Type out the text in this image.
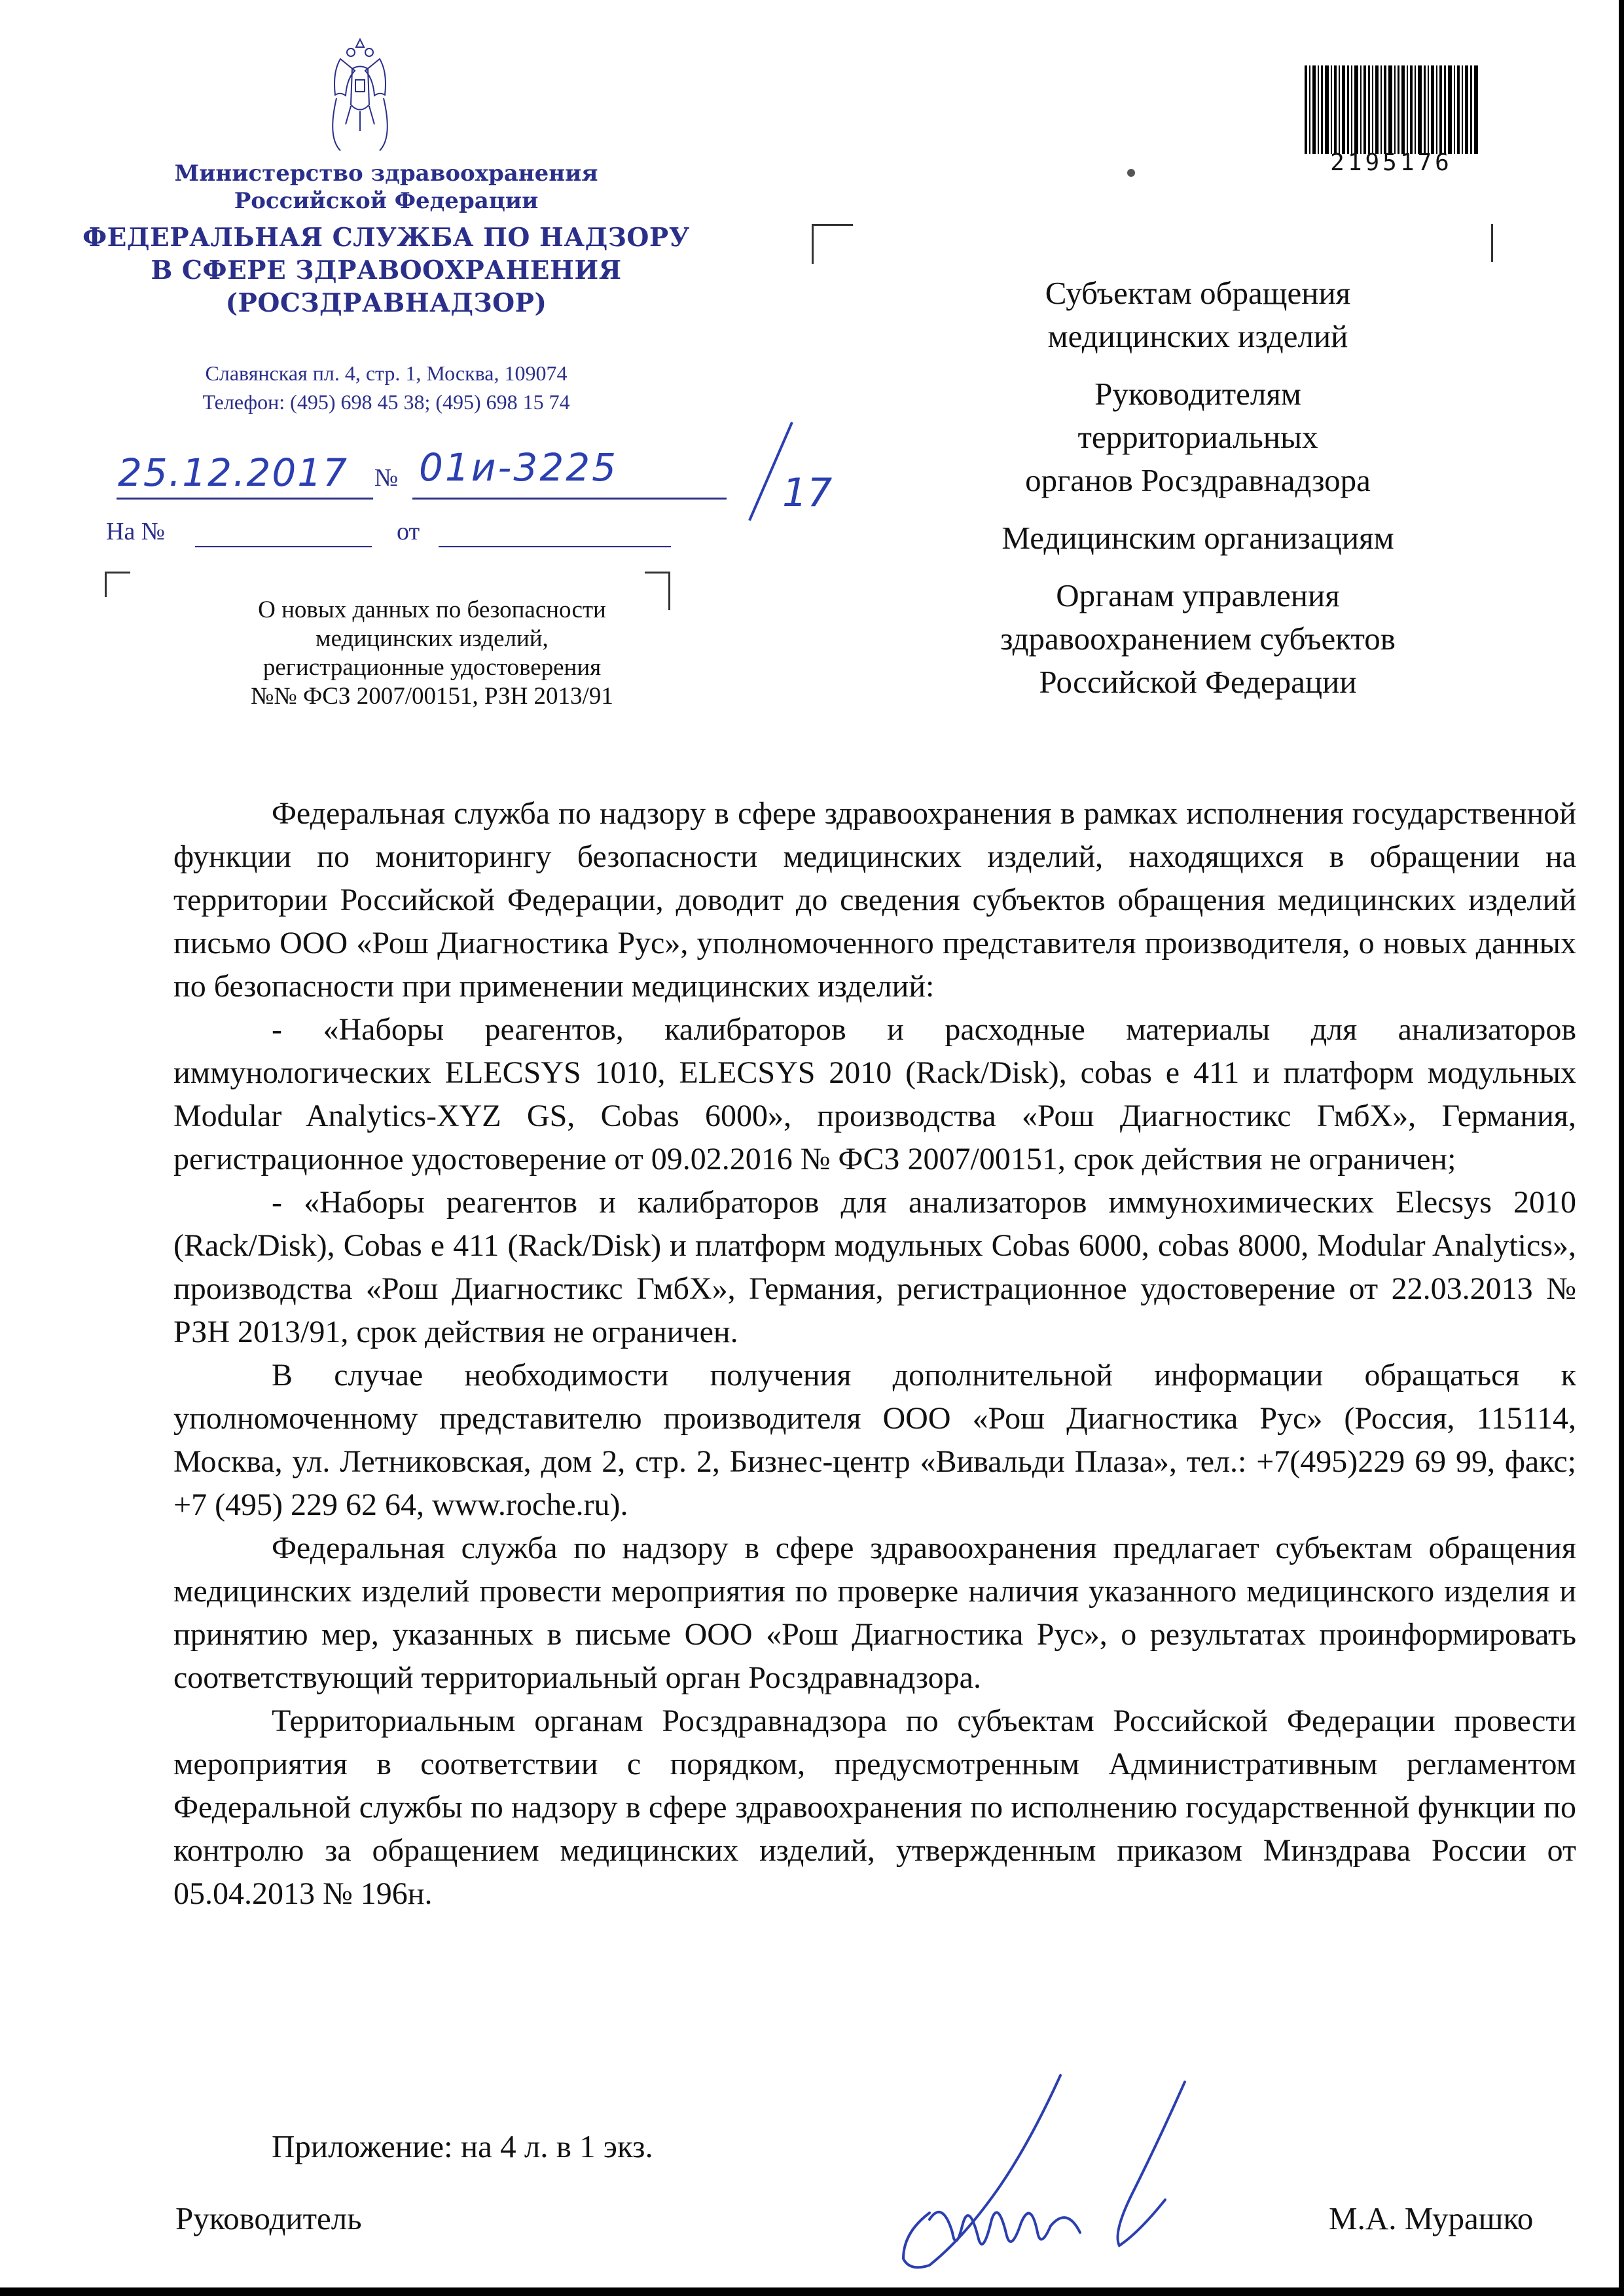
Министерство здравоохранения
Российской Федерации
ФЕДЕРАЛЬНАЯ СЛУЖБА ПО НАДЗОРУ
В СФЕРЕ ЗДРАВООХРАНЕНИЯ
(РОСЗДРАВНАДЗОР)
Славянская пл. 4, стр. 1, Москва, 109074
Телефон: (495) 698 45 38; (495) 698 15 74
25.12.2017 № 01и-3225
17
На №	от
О новых данных по безопасности
медицинских изделий,
регистрационные удостоверения
№№ ФСЗ 2007/00151, РЗН 2013/91
2195176
Субъектам обращения
медицинских изделий
Руководителям
территориальных
органов Росздравнадзора
Медицинским организациям
Органам управления
здравоохранением субъектов
Российской Федерации

Федеральная служба по надзору в сфере здравоохранения в рамках исполнения государственной функции по мониторингу безопасности медицинских изделий, находящихся в обращении на территории Российской Федерации, доводит до сведения субъектов обращения медицинских изделий письмо ООО «Рош Диагностика Рус», уполномоченного представителя производителя, о новых данных по безопасности при применении медицинских изделий:

- «Наборы реагентов, калибраторов и расходные материалы для анализаторов иммунологических ELECSYS 1010, ELECSYS 2010 (Rack/Disk), cobas e 411 и платформ модульных Modular Analytics-XYZ GS, Cobas 6000», производства «Рош Диагностикс ГмбХ», Германия, регистрационное удостоверение от 09.02.2016 № ФСЗ 2007/00151, срок действия не ограничен;

- «Наборы реагентов и калибраторов для анализаторов иммунохимических Elecsys 2010 (Rack/Disk), Cobas e 411 (Rack/Disk) и платформ модульных Cobas 6000, cobas 8000, Modular Analytics», производства «Рош Диагностикс ГмбХ», Германия, регистрационное удостоверение от 22.03.2013 № РЗН 2013/91, срок действия не ограничен.

В случае необходимости получения дополнительной информации обращаться к уполномоченному представителю производителя ООО «Рош Диагностика Рус» (Россия, 115114, Москва, ул. Летниковская, дом 2, стр. 2, Бизнес-центр «Вивальди Плаза», тел.: +7(495)229 69 99, факс; +7 (495) 229 62 64, www.roche.ru).

Федеральная служба по надзору в сфере здравоохранения предлагает субъектам обращения медицинских изделий провести мероприятия по проверке наличия указанного медицинского изделия и принятию мер, указанных в письме ООО «Рош Диагностика Рус», о результатах проинформировать соответствующий территориальный орган Росздравнадзора.

Территориальным органам Росздравнадзора по субъектам Российской Федерации провести мероприятия в соответствии с порядком, предусмотренным Административным регламентом Федеральной службы по надзору в сфере здравоохранения по исполнению государственной функции по контролю за обращением медицинских изделий, утвержденным приказом Минздрава России от 05.04.2013 № 196н.

Приложение: на 4 л. в 1 экз.
Руководитель	М.А. Мурашко
